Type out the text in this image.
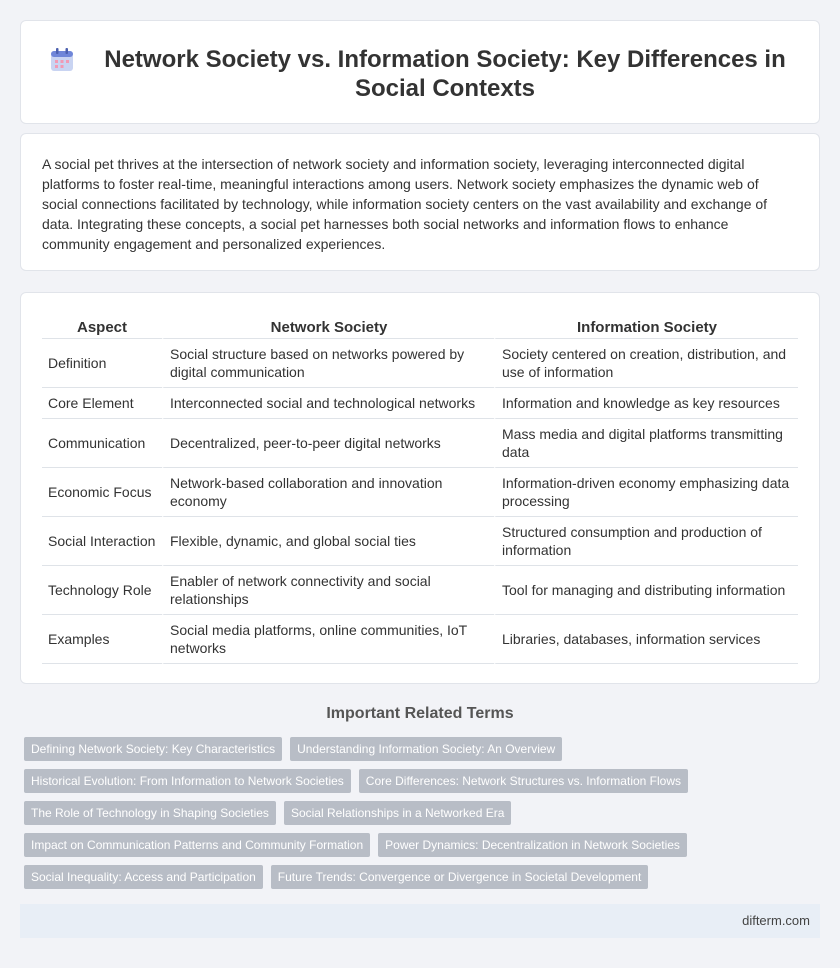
Network Society vs. Information Society: Key Differences in Social Contexts

A social pet thrives at the intersection of network society and information society, leveraging interconnected digital platforms to foster real-time, meaningful interactions among users. Network society emphasizes the dynamic web of social connections facilitated by technology, while information society centers on the vast availability and exchange of data. Integrating these concepts, a social pet harnesses both social networks and information flows to enhance community engagement and personalized experiences.

Aspect	Network Society	Information Society
Definition	Social structure based on networks powered by digital communication	Society centered on creation, distribution, and use of information
Core Element	Interconnected social and technological networks	Information and knowledge as key resources
Communication	Decentralized, peer-to-peer digital networks	Mass media and digital platforms transmitting data
Economic Focus	Network-based collaboration and innovation economy	Information-driven economy emphasizing data processing
Social Interaction	Flexible, dynamic, and global social ties	Structured consumption and production of information
Technology Role	Enabler of network connectivity and social relationships	Tool for managing and distributing information
Examples	Social media platforms, online communities, IoT networks	Libraries, databases, information services
Important Related Terms
Defining Network Society: Key Characteristics	Understanding Information Society: An Overview
Historical Evolution: From Information to Network Societies	Core Differences: Network Structures vs. Information Flows
The Role of Technology in Shaping Societies	Social Relationships in a Networked Era
Impact on Communication Patterns and Community Formation	Power Dynamics: Decentralization in Network Societies
Social Inequality: Access and Participation	Future Trends: Convergence or Divergence in Societal Development
difterm.com
